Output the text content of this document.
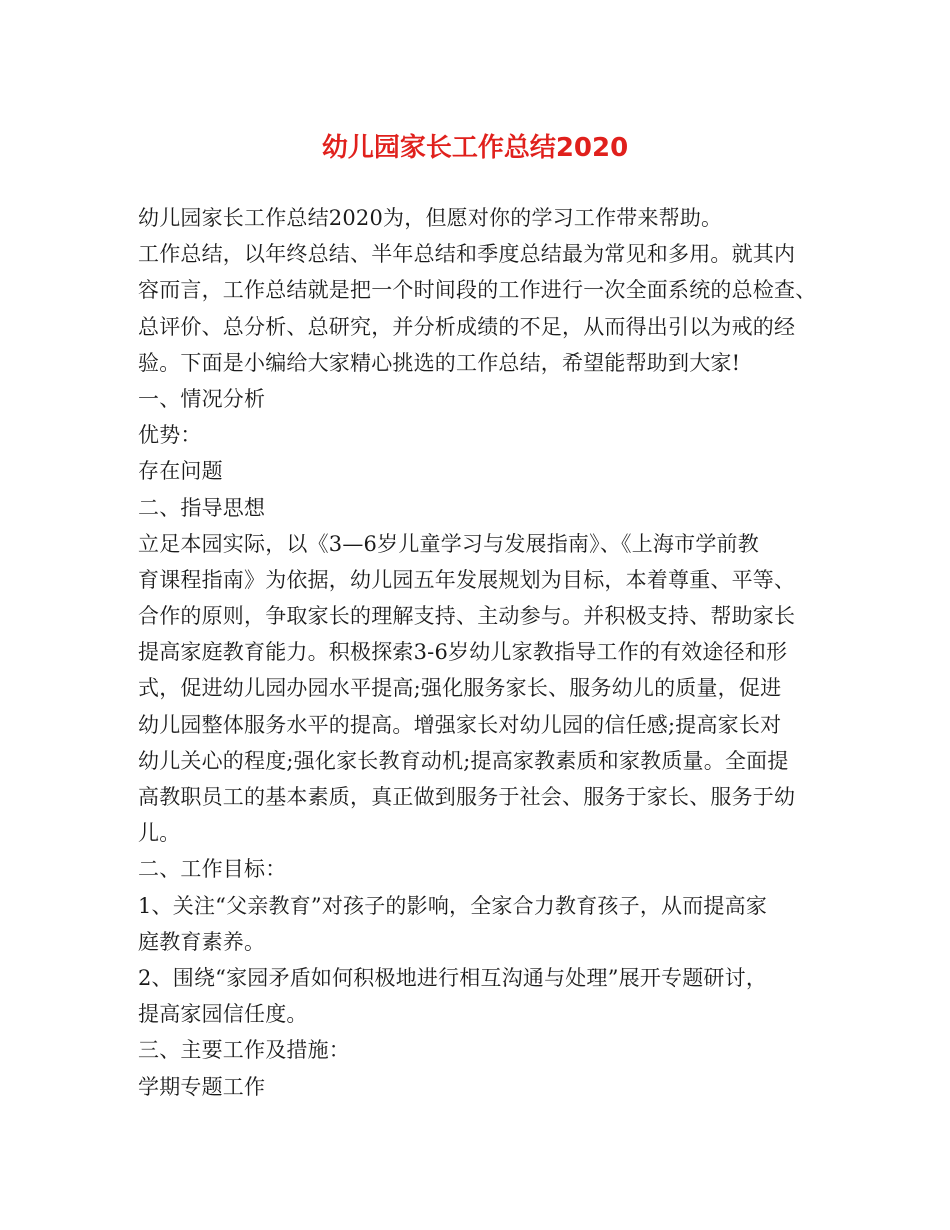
幼儿园家长工作总结2020
幼儿园家长工作总结2020为，但愿对你的学习工作带来帮助。
工作总结，以年终总结、半年总结和季度总结最为常见和多用。就其内
容而言，工作总结就是把一个时间段的工作进行一次全面系统的总检查、
总评价、总分析、总研究，并分析成绩的不足，从而得出引以为戒的经
验。下面是小编给大家精心挑选的工作总结，希望能帮助到大家!
一、情况分析
优势：
存在问题
二、指导思想
立足本园实际，以《3—6岁儿童学习与发展指南》、《上海市学前教
育课程指南》为依据，幼儿园五年发展规划为目标，本着尊重、平等、
合作的原则，争取家长的理解支持、主动参与。并积极支持、帮助家长
提高家庭教育能力。积极探索3-6岁幼儿家教指导工作的有效途径和形
式，促进幼儿园办园水平提高;强化服务家长、服务幼儿的质量，促进
幼儿园整体服务水平的提高。增强家长对幼儿园的信任感;提高家长对
幼儿关心的程度;强化家长教育动机;提高家教素质和家教质量。全面提
高教职员工的基本素质，真正做到服务于社会、服务于家长、服务于幼
儿。
二、工作目标：
1、关注“父亲教育”对孩子的影响，全家合力教育孩子，从而提高家
庭教育素养。
2、围绕“家园矛盾如何积极地进行相互沟通与处理”展开专题研讨，
提高家园信任度。
三、主要工作及措施：
学期专题工作
